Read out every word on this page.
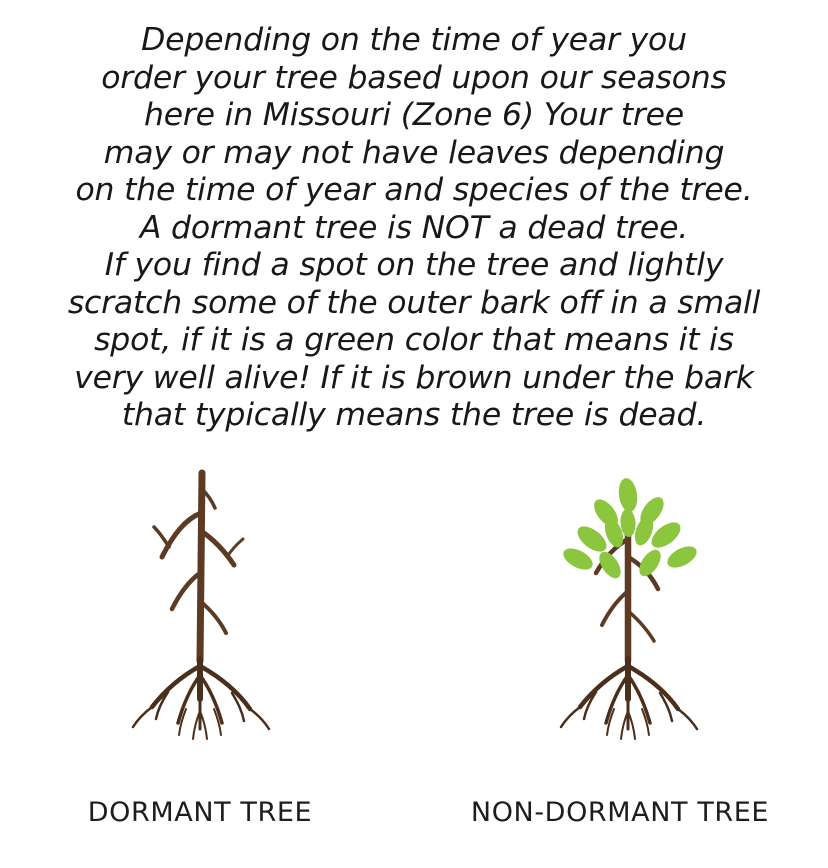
Depending on the time of year you
order your tree based upon our seasons
here in Missouri (Zone 6) Your tree
may or may not have leaves depending
on the time of year and species of the tree.
A dormant tree is NOT a dead tree.
If you find a spot on the tree and lightly
scratch some of the outer bark off in a small
spot, if it is a green color that means it is
very well alive! If it is brown under the bark
that typically means the tree is dead.
DORMANT TREE	NON-DORMANT TREE
